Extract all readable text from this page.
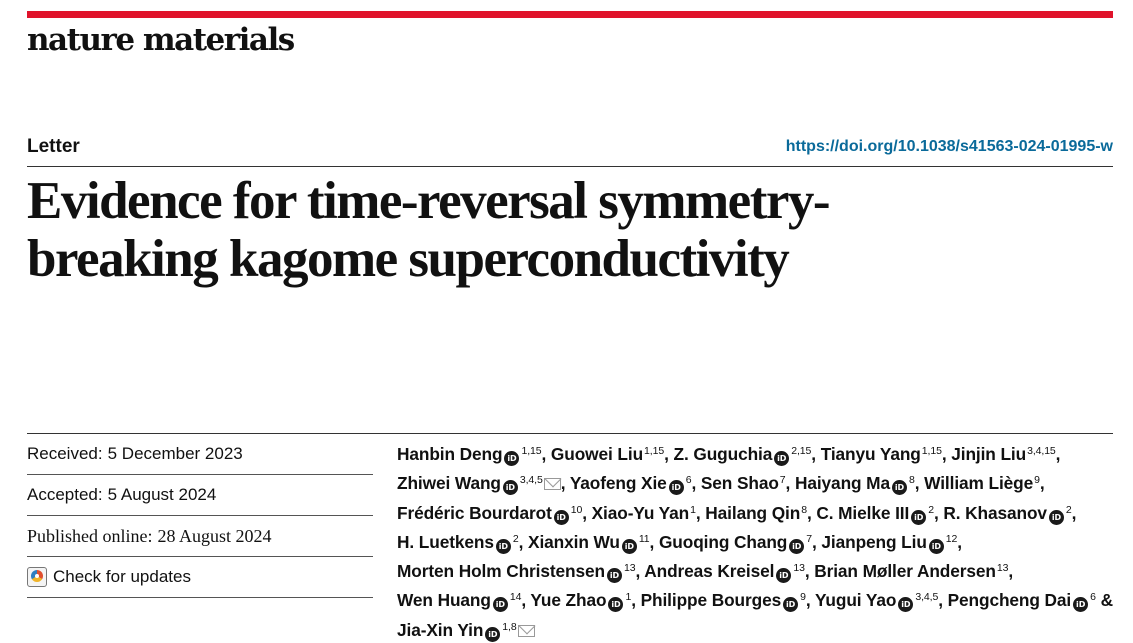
nature materials
Letter	https://doi.org/10.1038/s41563-024-01995-w
Evidence for time-reversal symmetry-breaking kagome superconductivity
Received: 5 December 2023
Accepted: 5 August 2024
Published online: 28 August 2024
Check for updates
Hanbin Deng iD$^{1,15}$, Guowei Liu$^{1,15}$, Z. Guguchia iD$^{2,15}$, Tianyu Yang$^{1,15}$, Jinjin Liu$^{3,4,15}$, Zhiwei Wang iD$^{3,4,5}$ , Yaofeng Xie $iD^6$, Sen Shao$^7$, Haiyang Ma $iD^8$, William Liège$^9$, Frédéric Bourdarot $iD^{10}$, Xiao-Yu Yan$^1$, Hailang Qin$^8$, C. Mielke III $iD^2$, R. Khasanov $iD^2$, H. Luetkens $iD^2$, Xianxin Wu $iD^{11}$, Guoqing Chang $iD^7$, Jianpeng Liu $iD^{12}$, Morten Holm Christensen $iD^{13}$, Andreas Kreisel $iD^{13}$, Brian Møller Andersen$^{13}$, Wen Huang $iD^{14}$, Yue Zhao $iD^1$, Philippe Bourges $iD^9$, Yugui Yao iD$^{3,4,5}$, Pengcheng Dai $iD^6$ & Jia-Xin Yin iD$^{1,8}$
